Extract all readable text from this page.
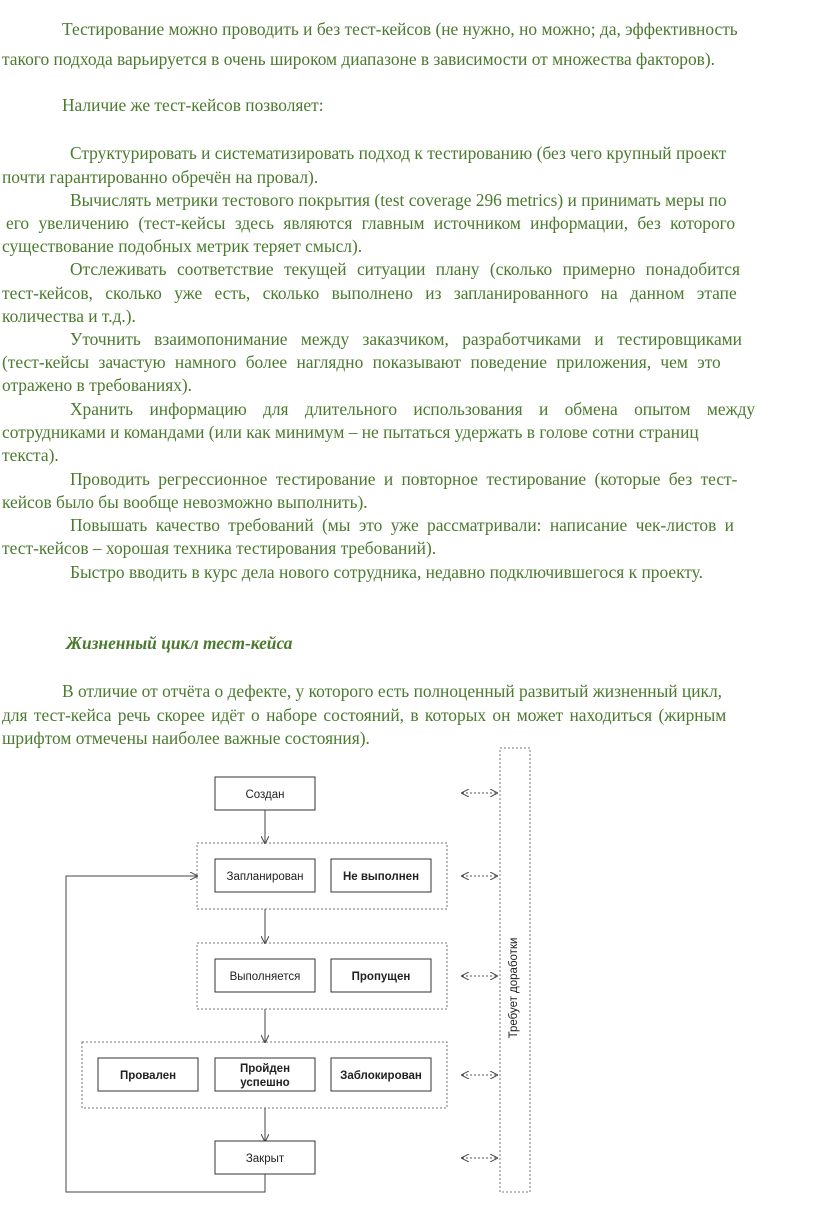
Тестирование можно проводить и без тест-кейсов (не нужно, но можно; да, эффективность
такого подхода варьируется в очень широком диапазоне в зависимости от множества факторов).
Наличие же тест-кейсов позволяет:
Структурировать и систематизировать подход к тестированию (без чего крупный проект
почти гарантированно обречён на провал).
Вычислять метрики тестового покрытия (test coverage 296 metrics) и принимать меры по
его увеличению (тест-кейсы здесь являются главным источником информации, без которого
существование подобных метрик теряет смысл).
Отслеживать соответствие текущей ситуации плану (сколько примерно понадобится
тест-кейсов, сколько уже есть, сколько выполнено из запланированного на данном этапе
количества и т.д.).
Уточнить взаимопонимание между заказчиком, разработчиками и тестировщиками
(тест-кейсы зачастую намного более наглядно показывают поведение приложения, чем это
отражено в требованиях).
Хранить информацию для длительного использования и обмена опытом между
сотрудниками и командами (или как минимум – не пытаться удержать в голове сотни страниц
текста).
Проводить регрессионное тестирование и повторное тестирование (которые без тест-
кейсов было бы вообще невозможно выполнить).
Повышать качество требований (мы это уже рассматривали: написание чек-листов и
тест-кейсов – хорошая техника тестирования требований).
Быстро вводить в курс дела нового сотрудника, недавно подключившегося к проекту.
Жизненный цикл тест-кейса
В отличие от отчёта о дефекте, у которого есть полноценный развитый жизненный цикл,
для тест-кейса речь скорее идёт о наборе состояний, в которых он может находиться (жирным
шрифтом отмечены наиболее важные состояния).
Создан
Запланирован	Не выполнен
Выполняется	Пропущен
Провален
Пройден
успешно
Заблокирован
Закрыт
Требует доработки
